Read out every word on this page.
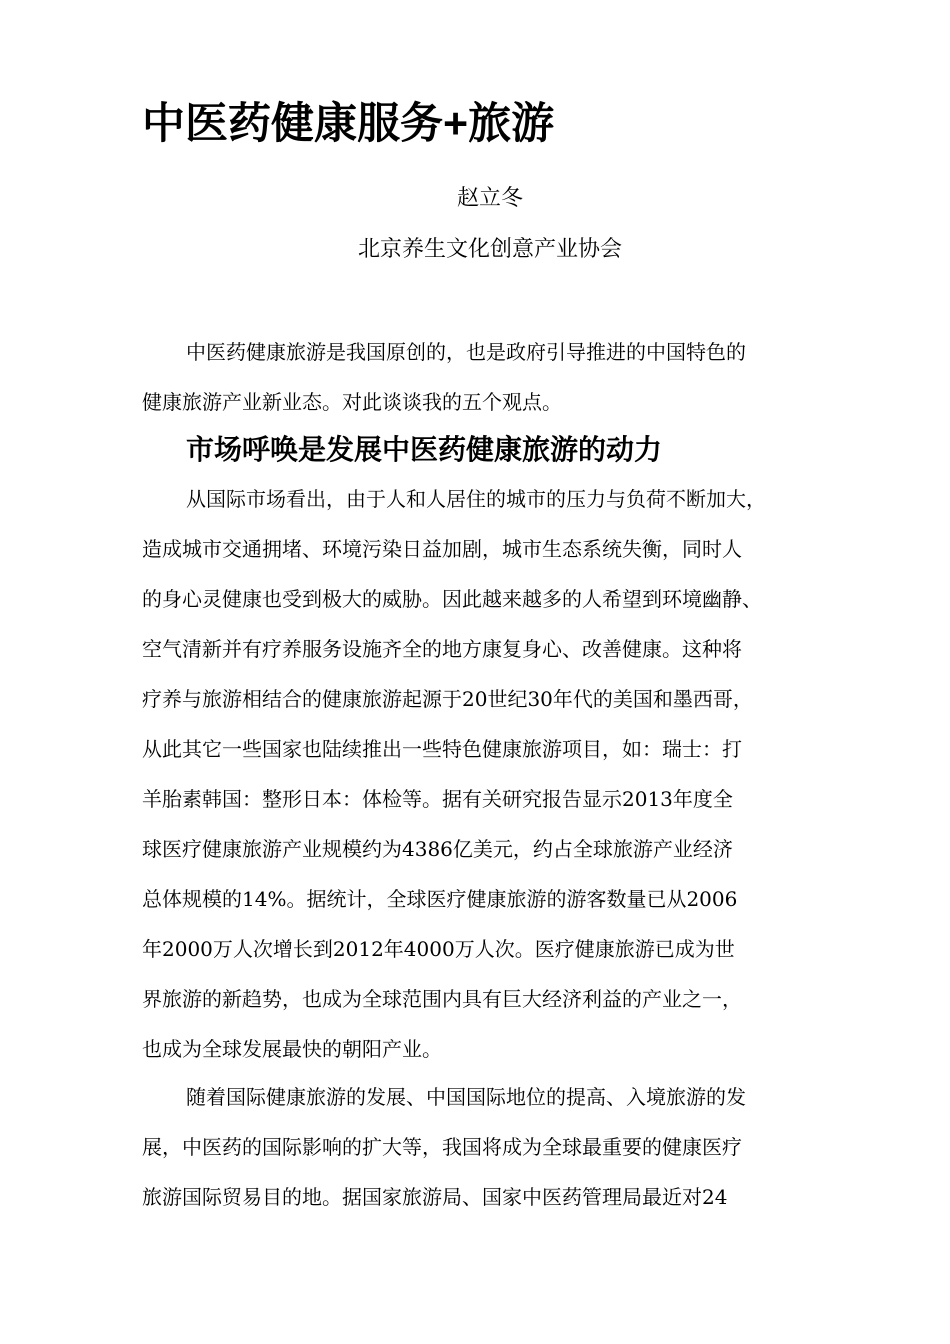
中医药健康服务+旅游

赵立冬

北京养生文化创意产业协会

中医药健康旅游是我国原创的，也是政府引导推进的中国特色的
健康旅游产业新业态。对此谈谈我的五个观点。
市场呼唤是发展中医药健康旅游的动力
从国际市场看出，由于人和人居住的城市的压力与负荷不断加大，
造成城市交通拥堵、环境污染日益加剧，城市生态系统失衡，同时人
的身心灵健康也受到极大的威胁。因此越来越多的人希望到环境幽静、
空气清新并有疗养服务设施齐全的地方康复身心、改善健康。这种将
疗养与旅游相结合的健康旅游起源于20世纪30年代的美国和墨西哥，
从此其它一些国家也陆续推出一些特色健康旅游项目，如：瑞士：打
羊胎素韩国：整形日本：体检等。据有关研究报告显示2013年度全
球医疗健康旅游产业规模约为4386亿美元，约占全球旅游产业经济
总体规模的14%。据统计，全球医疗健康旅游的游客数量已从2006
年2000万人次增长到2012年4000万人次。医疗健康旅游已成为世
界旅游的新趋势，也成为全球范围内具有巨大经济利益的产业之一，
也成为全球发展最快的朝阳产业。
随着国际健康旅游的发展、中国国际地位的提高、入境旅游的发
展，中医药的国际影响的扩大等，我国将成为全球最重要的健康医疗
旅游国际贸易目的地。据国家旅游局、国家中医药管理局最近对24
